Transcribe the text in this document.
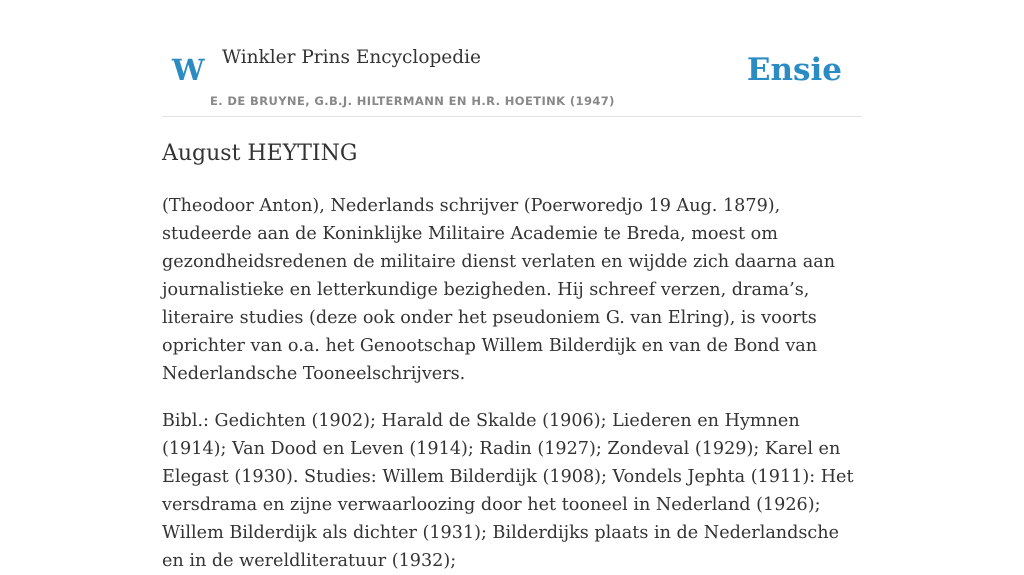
W Winkler Prins Encyclopedie
E. DE BRUYNE, G.B.J. HILTERMANN EN H.R. HOETINK (1947)
Ensie
August HEYTING

(Theodoor Anton), Nederlands schrijver (Poerworedjo 19 Aug. 1879), studeerde aan de Koninklijke Militaire Academie te Breda, moest om gezondheidsredenen de militaire dienst verlaten en wijdde zich daarna aan journalistieke en letterkundige bezigheden. Hij schreef verzen, drama’s, literaire studies (deze ook onder het pseudoniem G. van Elring), is voorts oprichter van o.a. het Genootschap Willem Bilderdijk en van de Bond van Nederlandsche Tooneelschrijvers.

Bibl.: Gedichten (1902); Harald de Skalde (1906); Liederen en Hymnen (1914); Van Dood en Leven (1914); Radin (1927); Zondeval (1929); Karel en Elegast (1930). Studies: Willem Bilderdijk (1908); Vondels Jephta (1911): Het versdrama en zijne verwaarloozing door het tooneel in Nederland (1926); Willem Bilderdijk als dichter (1931); Bilderdijks plaats in de Nederlandsche en in de wereldliteratuur (1932);
